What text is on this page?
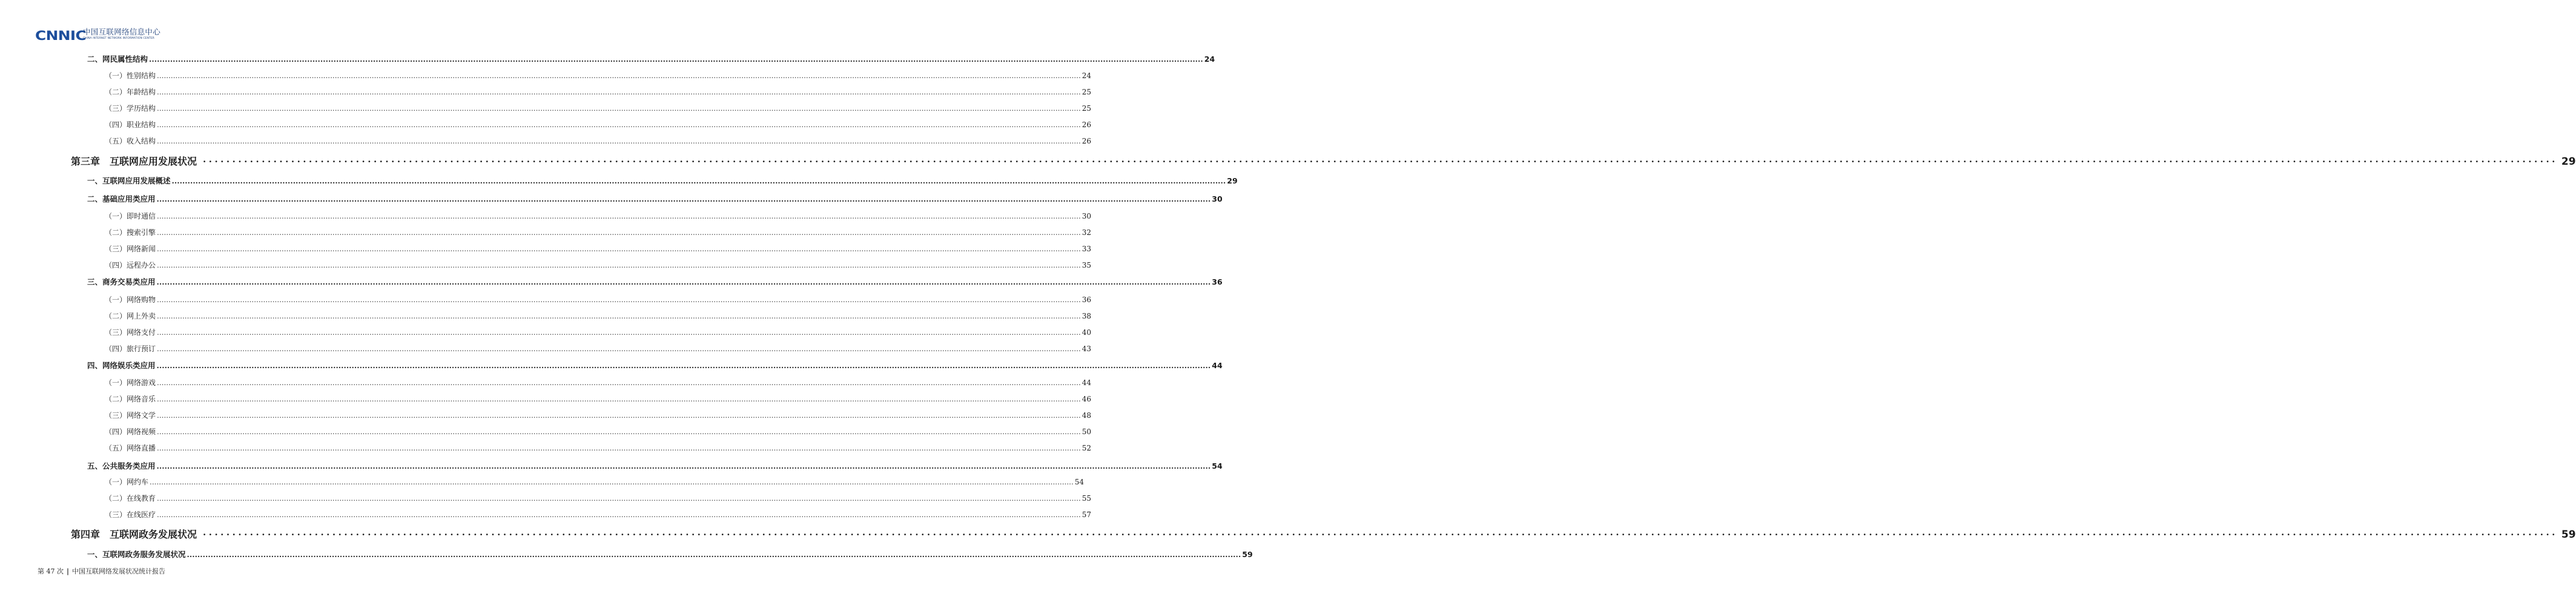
CNNIC
中国互联网络信息中心
CHINA INTERNET NETWORK INFORMATION CENTER
二、网民属性结构 ................................................................................................................................................................................................................................................................................................................................................................................................................ 24
（一）性别结构 ................................................................................................................................................................................................................................................................................................................................................................................................................ 24
（二）年龄结构 ................................................................................................................................................................................................................................................................................................................................................................................................................ 25
（三）学历结构 ................................................................................................................................................................................................................................................................................................................................................................................................................ 25
（四）职业结构 ................................................................................................................................................................................................................................................................................................................................................................................................................ 26
（五）收入结构 ................................................................................................................................................................................................................................................................................................................................................................................................................ 26
第三章　互联网应用发展状况 ················································································································································································································································································································································································································ 29
一、互联网应用发展概述 ................................................................................................................................................................................................................................................................................................................................................................................................................ 29
二、基础应用类应用 ................................................................................................................................................................................................................................................................................................................................................................................................................ 30
（一）即时通信 ................................................................................................................................................................................................................................................................................................................................................................................................................ 30
（二）搜索引擎 ................................................................................................................................................................................................................................................................................................................................................................................................................ 32
（三）网络新闻 ................................................................................................................................................................................................................................................................................................................................................................................................................ 33
（四）远程办公 ................................................................................................................................................................................................................................................................................................................................................................................................................ 35
三、商务交易类应用 ................................................................................................................................................................................................................................................................................................................................................................................................................ 36
（一）网络购物 ................................................................................................................................................................................................................................................................................................................................................................................................................ 36
（二）网上外卖 ................................................................................................................................................................................................................................................................................................................................................................................................................ 38
（三）网络支付 ................................................................................................................................................................................................................................................................................................................................................................................................................ 40
（四）旅行预订 ................................................................................................................................................................................................................................................................................................................................................................................................................ 43
四、网络娱乐类应用 ................................................................................................................................................................................................................................................................................................................................................................................................................ 44
（一）网络游戏 ................................................................................................................................................................................................................................................................................................................................................................................................................ 44
（二）网络音乐 ................................................................................................................................................................................................................................................................................................................................................................................................................ 46
（三）网络文学 ................................................................................................................................................................................................................................................................................................................................................................................................................ 48
（四）网络视频 ................................................................................................................................................................................................................................................................................................................................................................................................................ 50
（五）网络直播 ................................................................................................................................................................................................................................................................................................................................................................................................................ 52
五、公共服务类应用 ................................................................................................................................................................................................................................................................................................................................................................................................................ 54
（一）网约车 ................................................................................................................................................................................................................................................................................................................................................................................................................ 54
（二）在线教育 ................................................................................................................................................................................................................................................................................................................................................................................................................ 55
（三）在线医疗 ................................................................................................................................................................................................................................................................................................................................................................................................................ 57
第四章　互联网政务发展状况 ················································································································································································································································································································································································································ 59
一、互联网政务服务发展状况 ................................................................................................................................................................................................................................................................................................................................................................................................................ 59
第 47 次 | 中国互联网络发展状况统计报告
